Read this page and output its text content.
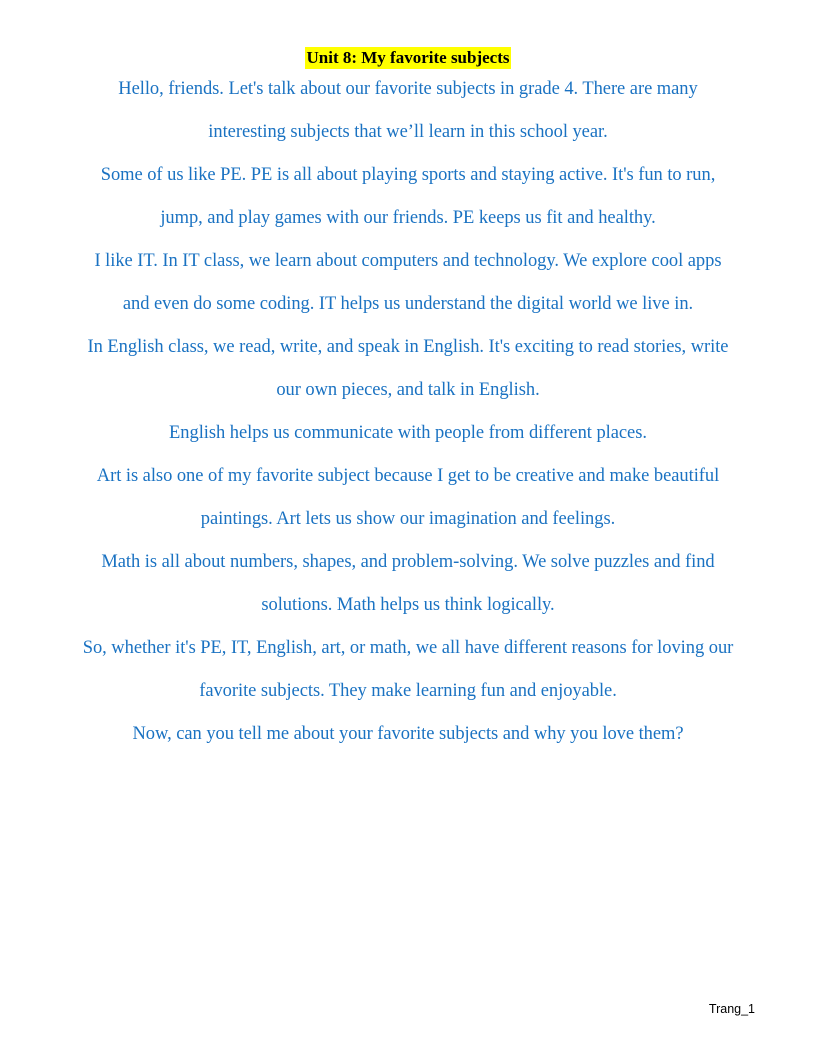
Unit 8: My favorite subjects

Hello, friends. Let's talk about our favorite subjects in grade 4. There are many interesting subjects that we’ll learn in this school year.

Some of us like PE. PE is all about playing sports and staying active. It's fun to run, jump, and play games with our friends. PE keeps us fit and healthy.

I like IT. In IT class, we learn about computers and technology. We explore cool apps and even do some coding. IT helps us understand the digital world we live in.

In English class, we read, write, and speak in English. It's exciting to read stories, write our own pieces, and talk in English.

English helps us communicate with people from different places.

Art is also one of my favorite subject because I get to be creative and make beautiful paintings. Art lets us show our imagination and feelings.

Math is all about numbers, shapes, and problem-solving. We solve puzzles and find solutions. Math helps us think logically.

So, whether it's PE, IT, English, art, or math, we all have different reasons for loving our favorite subjects. They make learning fun and enjoyable.

Now, can you tell me about your favorite subjects and why you love them?

Trang_1
